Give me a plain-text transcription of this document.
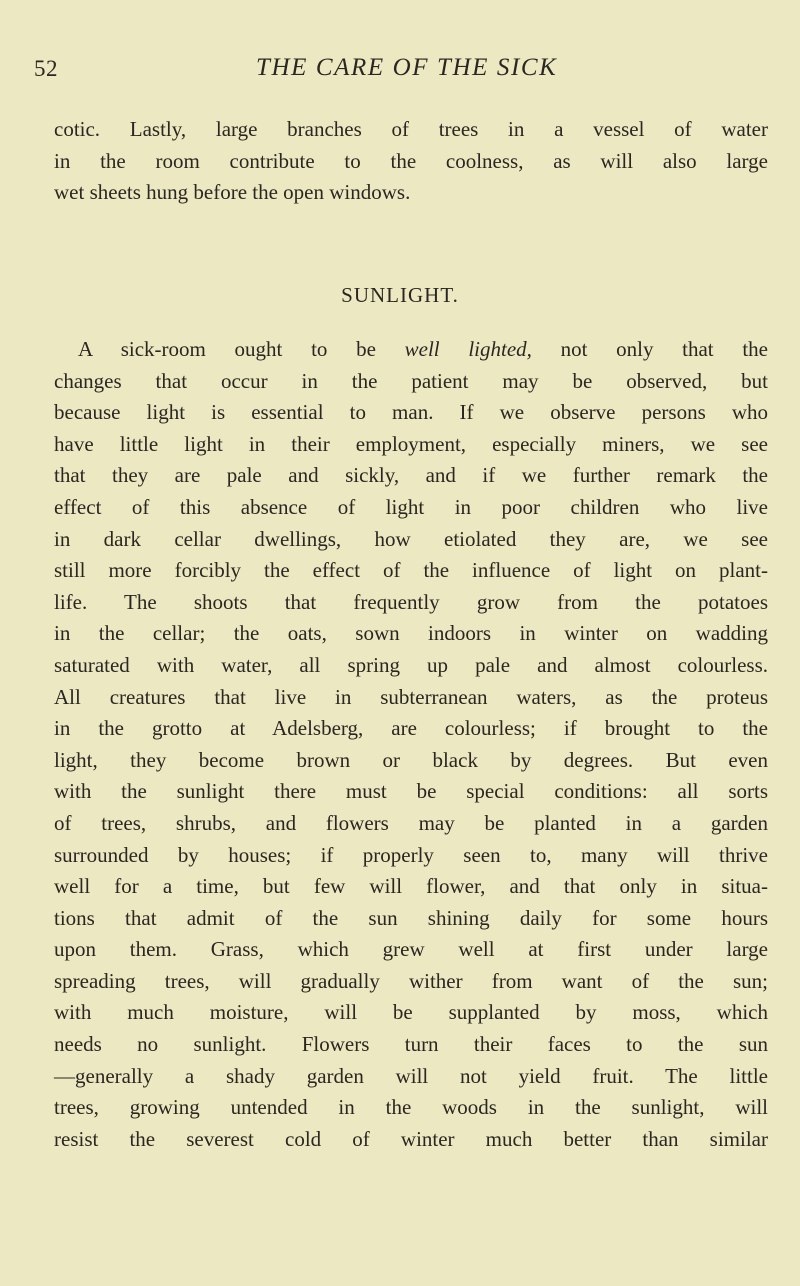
52	THE CARE OF THE SICK
cotic. Lastly, large branches of trees in a vessel of water
in the room contribute to the coolness, as will also large
wet sheets hung before the open windows.
SUNLIGHT.
A sick-room ought to be well lighted, not only that the
changes that occur in the patient may be observed, but
because light is essential to man. If we observe persons who
have little light in their employment, especially miners, we see
that they are pale and sickly, and if we further remark the
effect of this absence of light in poor children who live
in dark cellar dwellings, how etiolated they are, we see
still more forcibly the effect of the influence of light on plant-
life. The shoots that frequently grow from the potatoes
in the cellar; the oats, sown indoors in winter on wadding
saturated with water, all spring up pale and almost colourless.
All creatures that live in subterranean waters, as the proteus
in the grotto at Adelsberg, are colourless; if brought to the
light, they become brown or black by degrees. But even
with the sunlight there must be special conditions: all sorts
of trees, shrubs, and flowers may be planted in a garden
surrounded by houses; if properly seen to, many will thrive
well for a time, but few will flower, and that only in situa-
tions that admit of the sun shining daily for some hours
upon them. Grass, which grew well at first under large
spreading trees, will gradually wither from want of the sun;
with much moisture, will be supplanted by moss, which
needs no sunlight. Flowers turn their faces to the sun
—generally a shady garden will not yield fruit. The little
trees, growing untended in the woods in the sunlight, will
resist the severest cold of winter much better than similar
